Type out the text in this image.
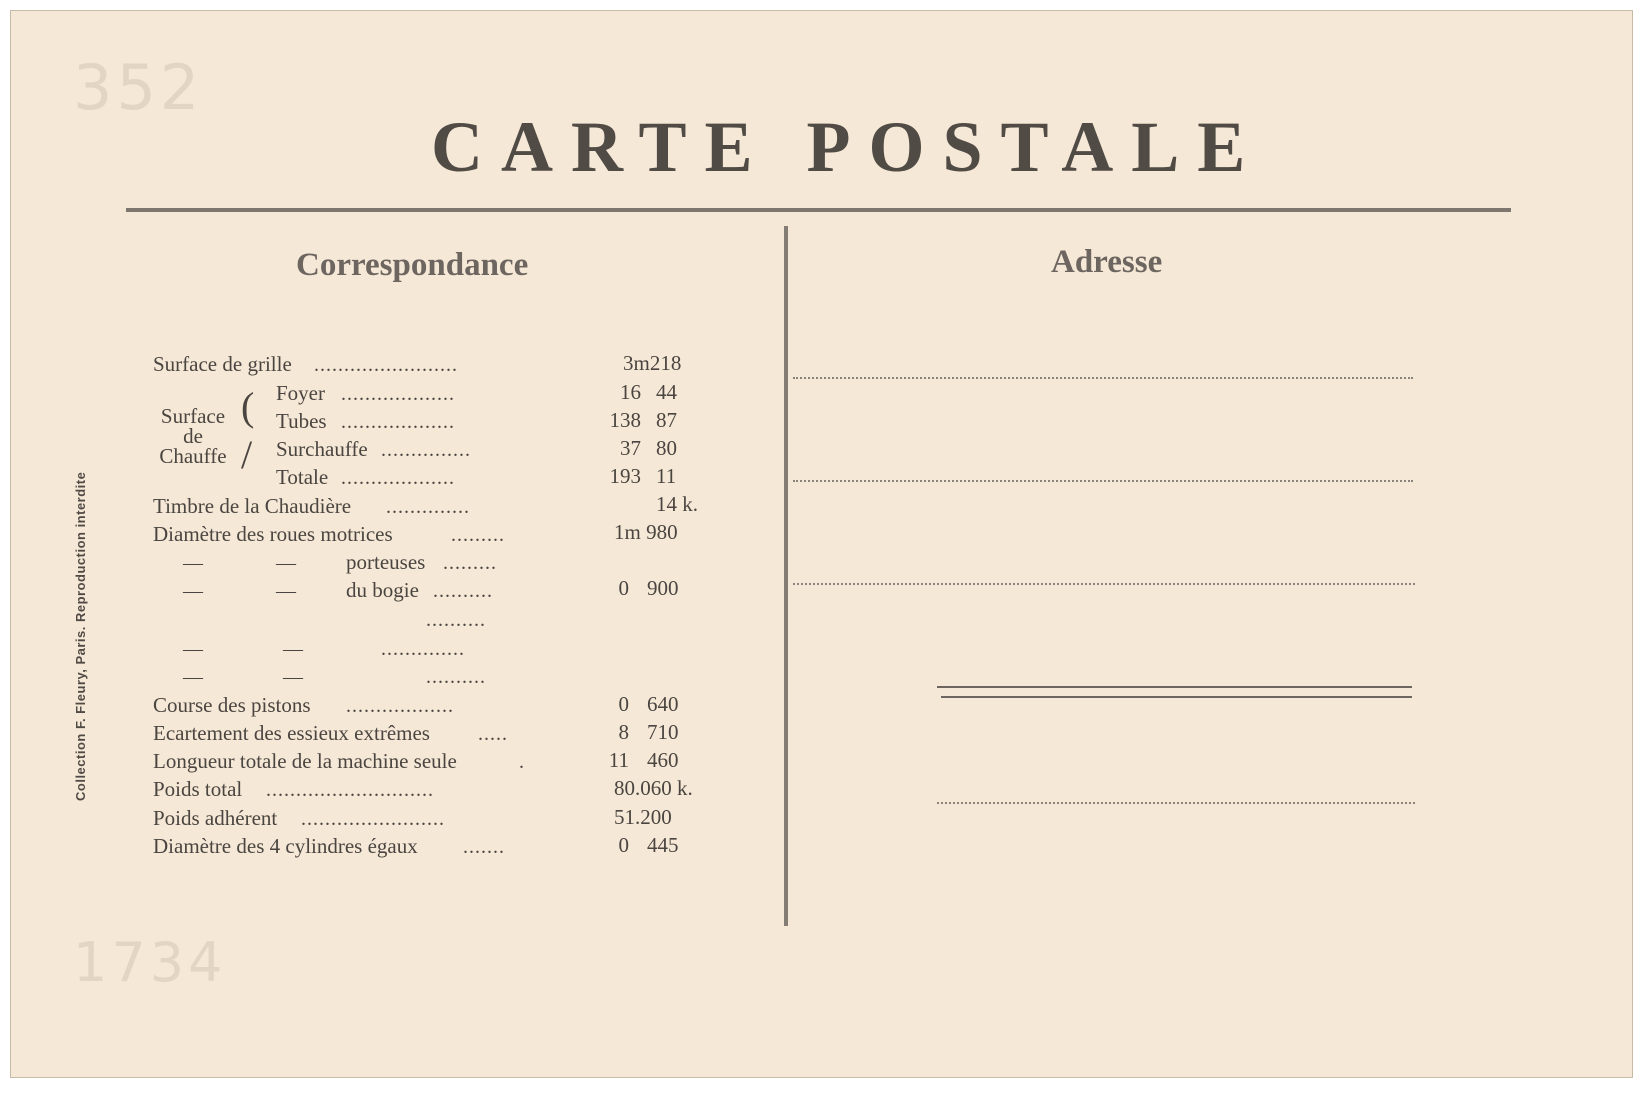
352
1734
CARTE POSTALE
Correspondance	Adresse
Collection F. Fleury, Paris. Reproduction interdite
Surface de grille	........................	3m218
Surface
de
Chauffe
(
/
Foyer ...................	16 44
Tubes ...................	138 87
Surchauffe ...............	37 80
Totale ...................	193 11
Timbre de la Chaudière ..............	14 k.
Diamètre des roues motrices	.........	1m 980
—	— porteuses .........
—	— du bogie ..........	0 900
..........
—	—	..............
—	—	..........
Course des pistons ..................	0 640
Ecartement des essieux extrêmes .....	8 710
Longueur totale de la machine seule	.	11 460
Poids total ............................	80.060 k.
Poids adhérent ........................	51.200
Diamètre des 4 cylindres égaux .......	0 445
